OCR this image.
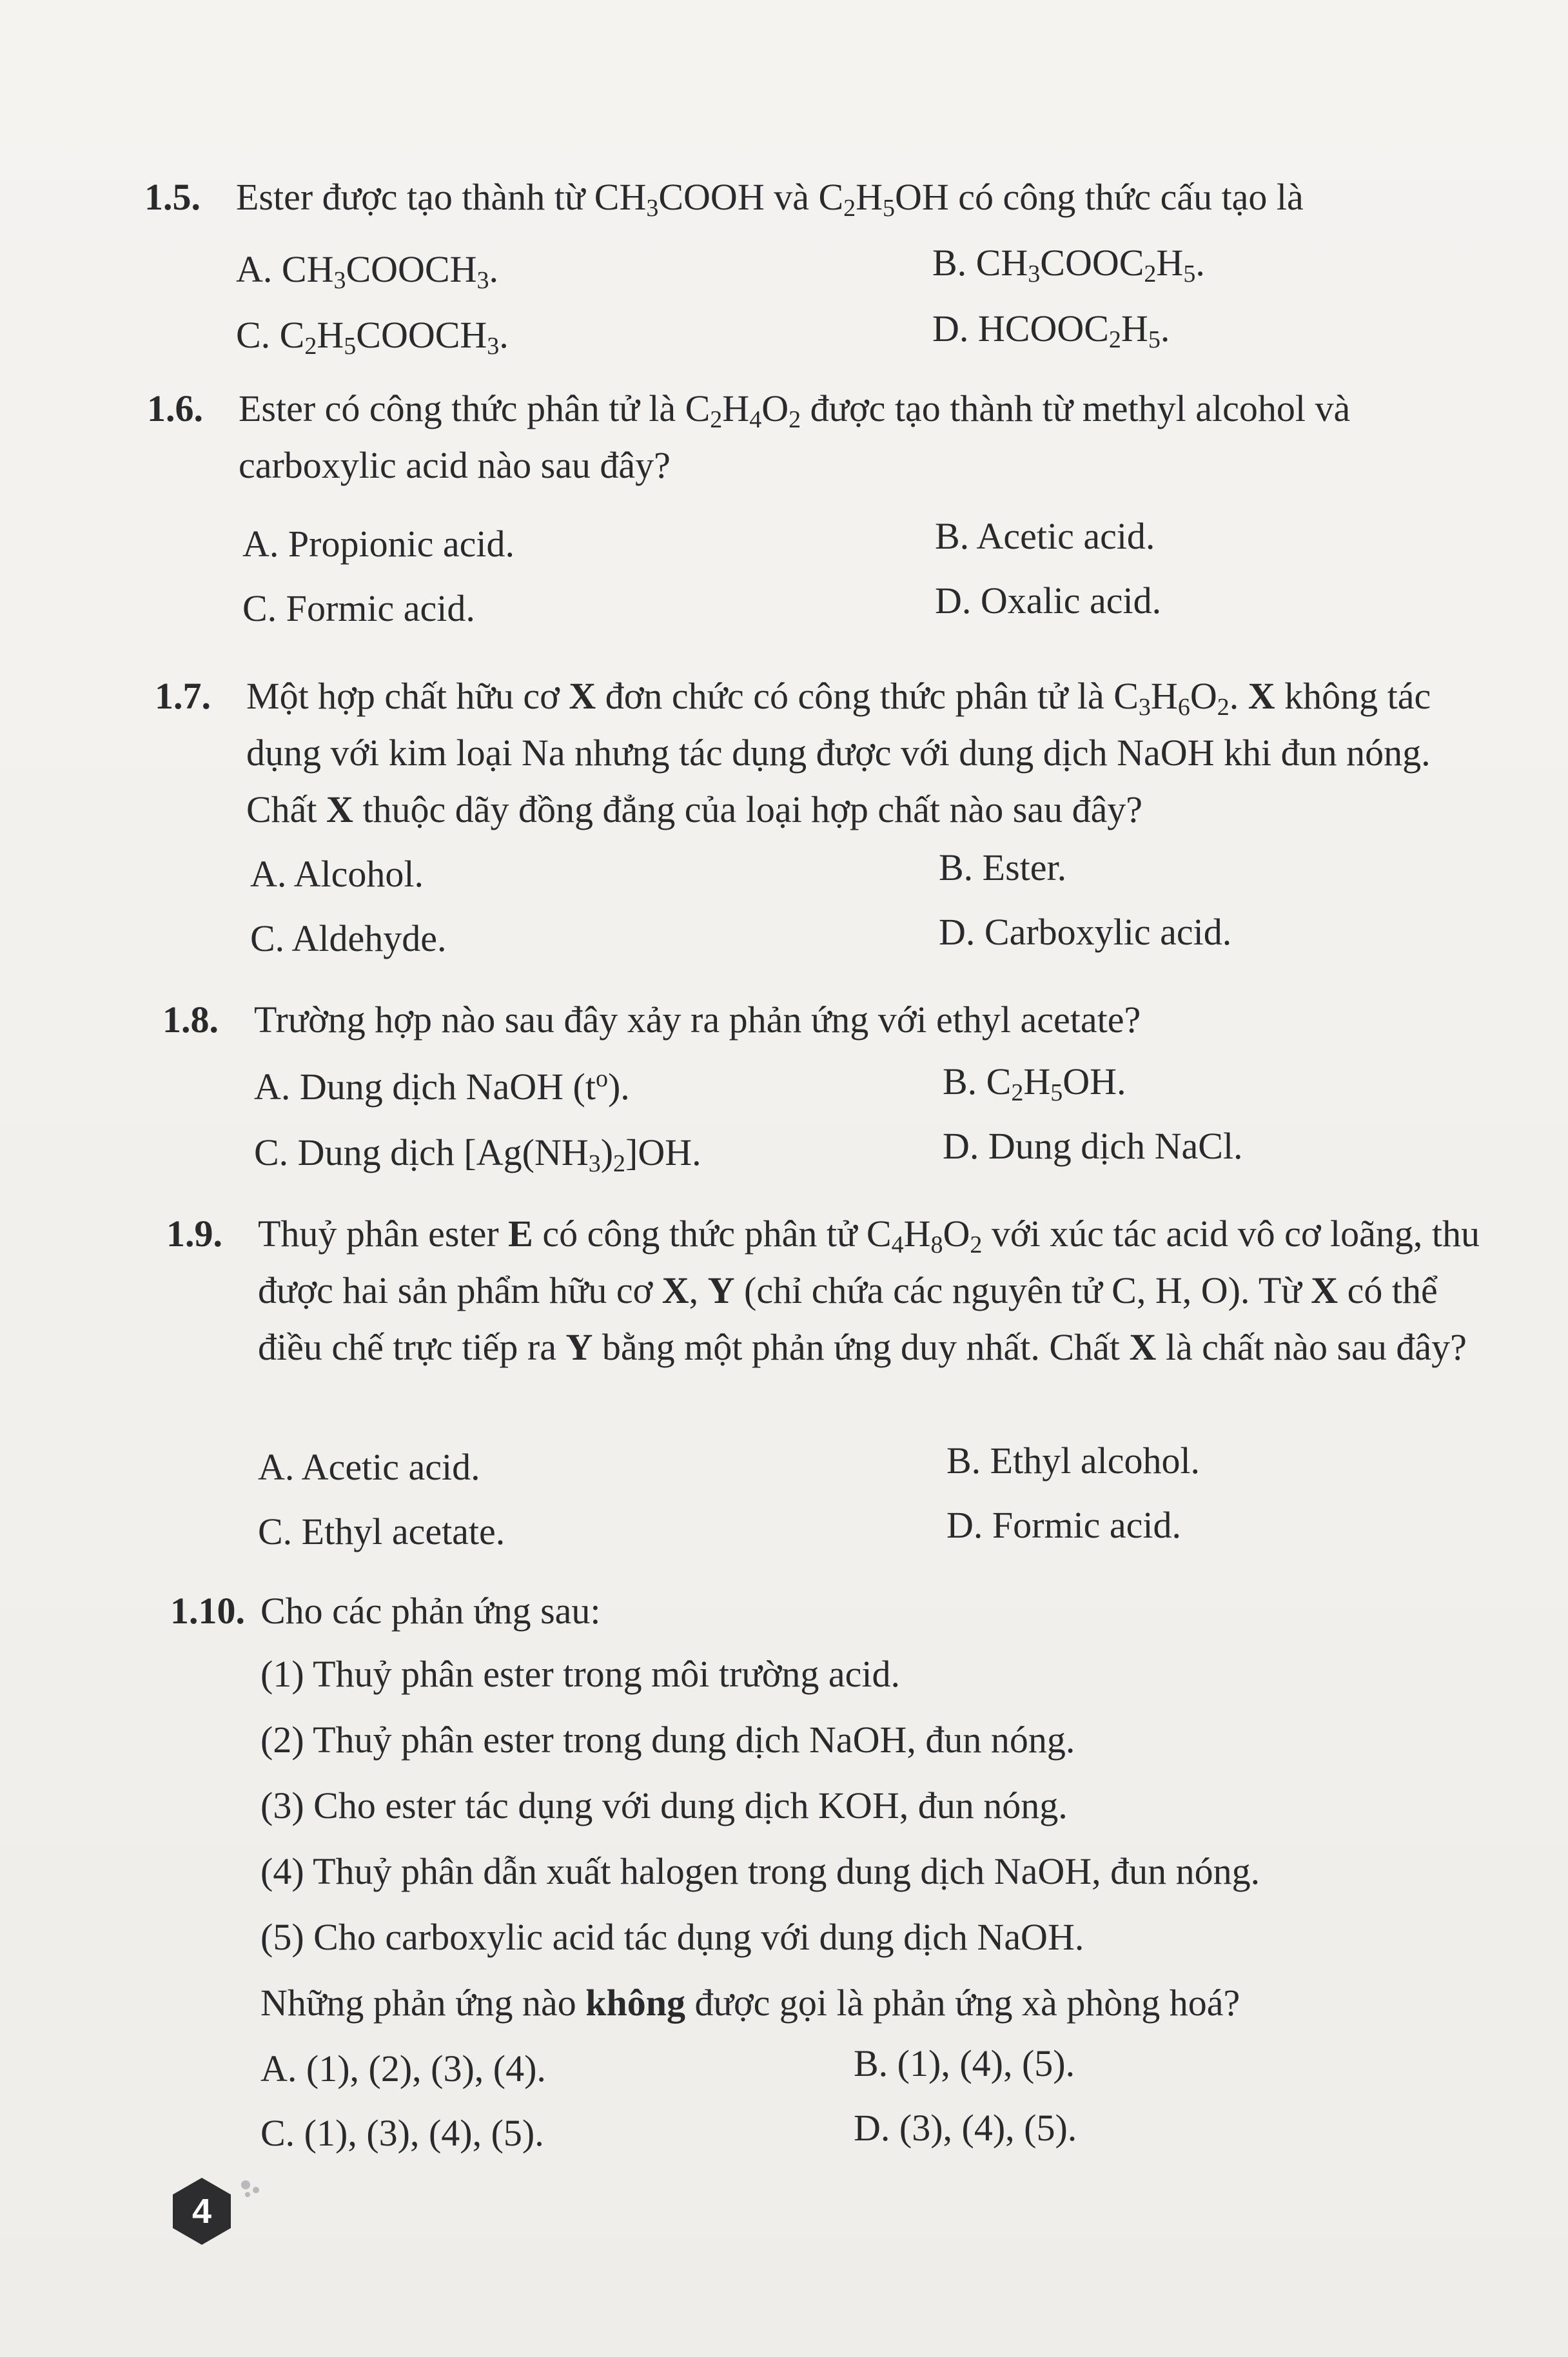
1.5. Ester được tạo thành từ $CH_3COOH$ và $C_2H_5OH$ có công thức cấu tạo là
A. $CH_3COOCH_3$.	B. $CH_3COOC_2H_5$.
C. $C_2H_5COOCH_3$.	D. $HCOOC_2H_5$.
1.6. Ester có công thức phân tử là $C_2H_4O_2$ được tạo thành từ methyl alcohol và carboxylic acid nào sau đây?
A. Propionic acid.	B. Acetic acid.
C. Formic acid.	D. Oxalic acid.
1.7. Một hợp chất hữu cơ X đơn chức có công thức phân tử là $C_3H_6O_2$. X không tác dụng với kim loại Na nhưng tác dụng được với dung dịch NaOH khi đun nóng. Chất X thuộc dãy đồng đẳng của loại hợp chất nào sau đây?
A. Alcohol.	B. Ester.
C. Aldehyde.	D. Carboxylic acid.
1.8. Trường hợp nào sau đây xảy ra phản ứng với ethyl acetate?
A. Dung dịch NaOH $(t^o)$.	B. $C_2H_5OH$.
C. Dung dịch $[Ag(NH_3)_2]OH$.	D. Dung dịch NaCl.
1.9. Thuỷ phân ester E có công thức phân tử $C_4H_8O_2$ với xúc tác acid vô cơ loãng, thu được hai sản phẩm hữu cơ X, Y (chỉ chứa các nguyên tử C, H, O). Từ X có thể điều chế trực tiếp ra Y bằng một phản ứng duy nhất. Chất X là chất nào sau đây?
A. Acetic acid.	B. Ethyl alcohol.
C. Ethyl acetate.	D. Formic acid.
1.10. Cho các phản ứng sau:
(1) Thuỷ phân ester trong môi trường acid.
(2) Thuỷ phân ester trong dung dịch NaOH, đun nóng.
(3) Cho ester tác dụng với dung dịch KOH, đun nóng.
(4) Thuỷ phân dẫn xuất halogen trong dung dịch NaOH, đun nóng.
(5) Cho carboxylic acid tác dụng với dung dịch NaOH.
Những phản ứng nào không được gọi là phản ứng xà phòng hoá?
A. (1), (2), (3), (4).	B. (1), (4), (5).
C. (1), (3), (4), (5).	D. (3), (4), (5).
4
